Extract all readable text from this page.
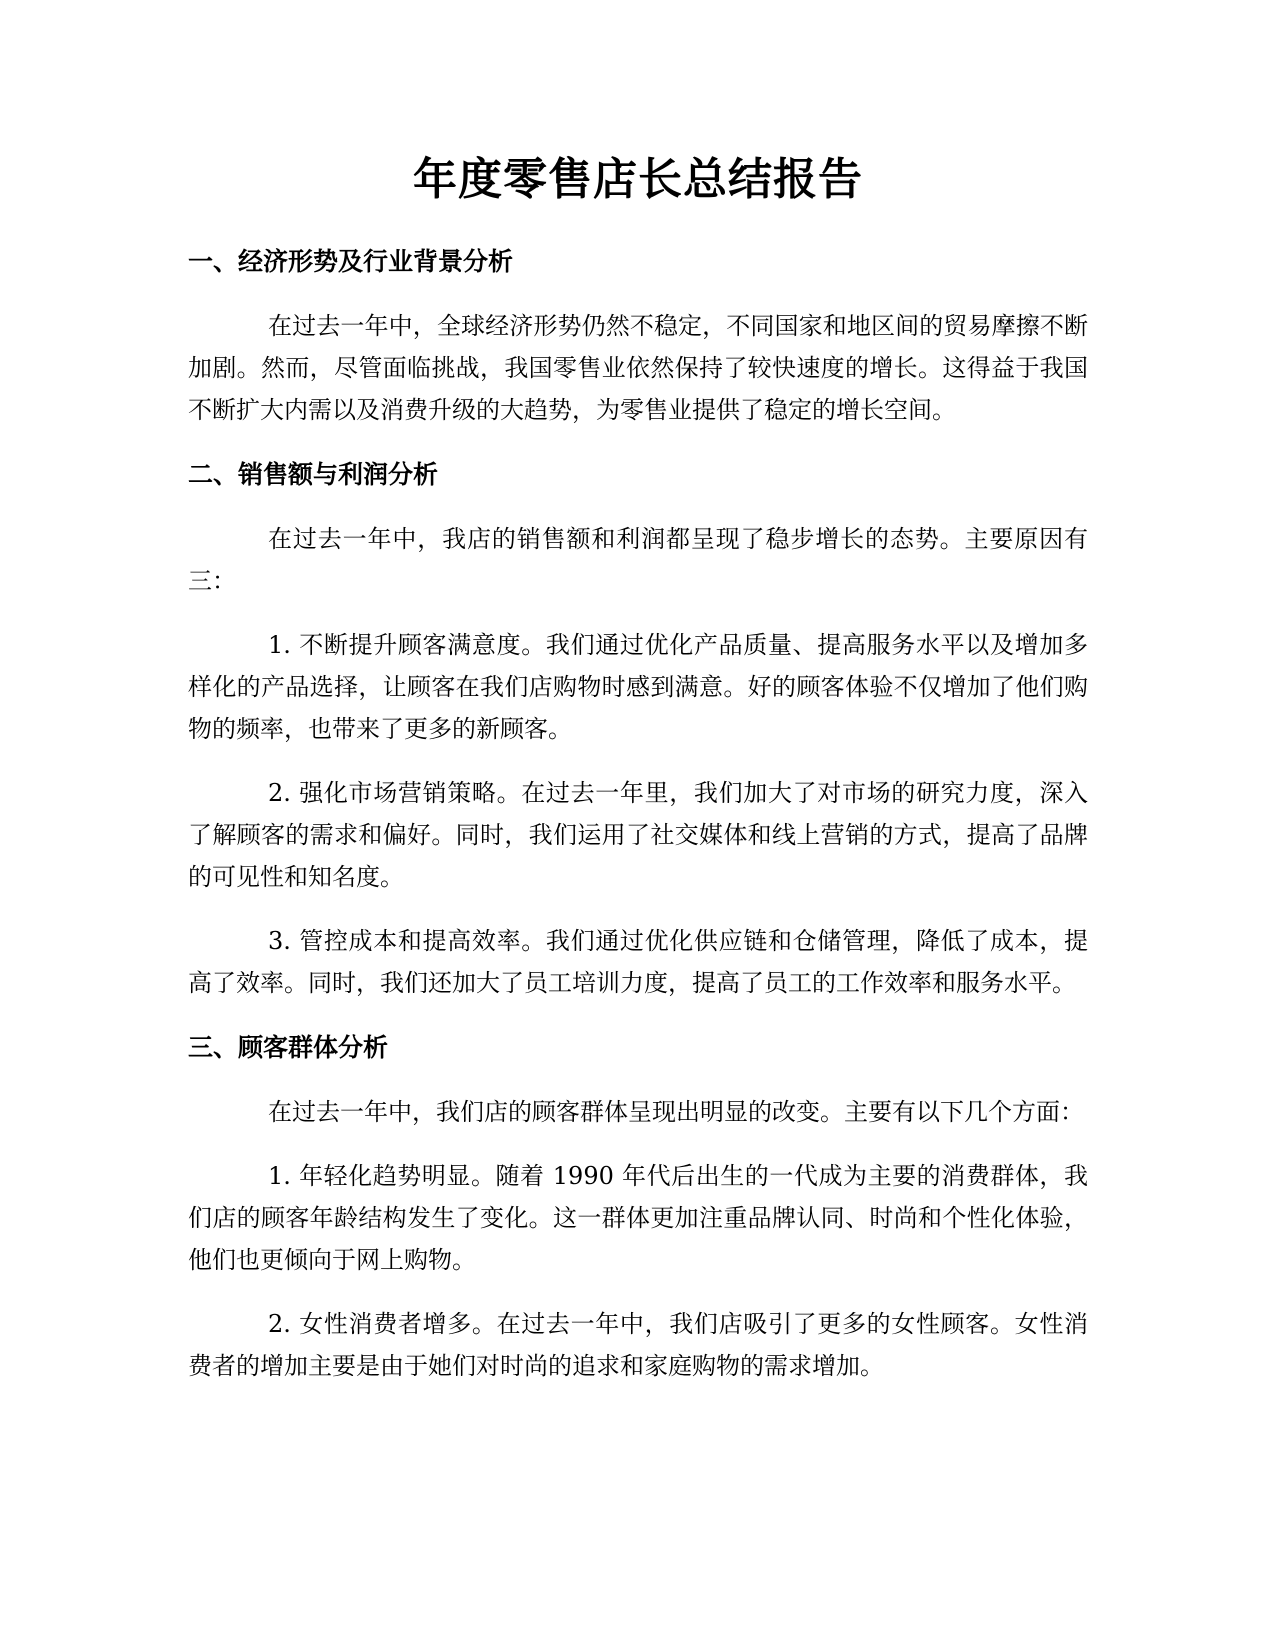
年度零售店长总结报告
一、经济形势及行业背景分析

在过去一年中，全球经济形势仍然不稳定，不同国家和地区间的贸易摩擦不断加剧。然而，尽管面临挑战，我国零售业依然保持了较快速度的增长。这得益于我国不断扩大内需以及消费升级的大趋势，为零售业提供了稳定的增长空间。

二、销售额与利润分析

在过去一年中，我店的销售额和利润都呈现了稳步增长的态势。主要原因有三：

1. 不断提升顾客满意度。我们通过优化产品质量、提高服务水平以及增加多样化的产品选择，让顾客在我们店购物时感到满意。好的顾客体验不仅增加了他们购物的频率，也带来了更多的新顾客。

2. 强化市场营销策略。在过去一年里，我们加大了对市场的研究力度，深入了解顾客的需求和偏好。同时，我们运用了社交媒体和线上营销的方式，提高了品牌的可见性和知名度。

3. 管控成本和提高效率。我们通过优化供应链和仓储管理，降低了成本，提高了效率。同时，我们还加大了员工培训力度，提高了员工的工作效率和服务水平。

三、顾客群体分析

在过去一年中，我们店的顾客群体呈现出明显的改变。主要有以下几个方面：

1. 年轻化趋势明显。随着 1990 年代后出生的一代成为主要的消费群体，我们店的顾客年龄结构发生了变化。这一群体更加注重品牌认同、时尚和个性化体验，他们也更倾向于网上购物。

2. 女性消费者增多。在过去一年中，我们店吸引了更多的女性顾客。女性消费者的增加主要是由于她们对时尚的追求和家庭购物的需求增加。
